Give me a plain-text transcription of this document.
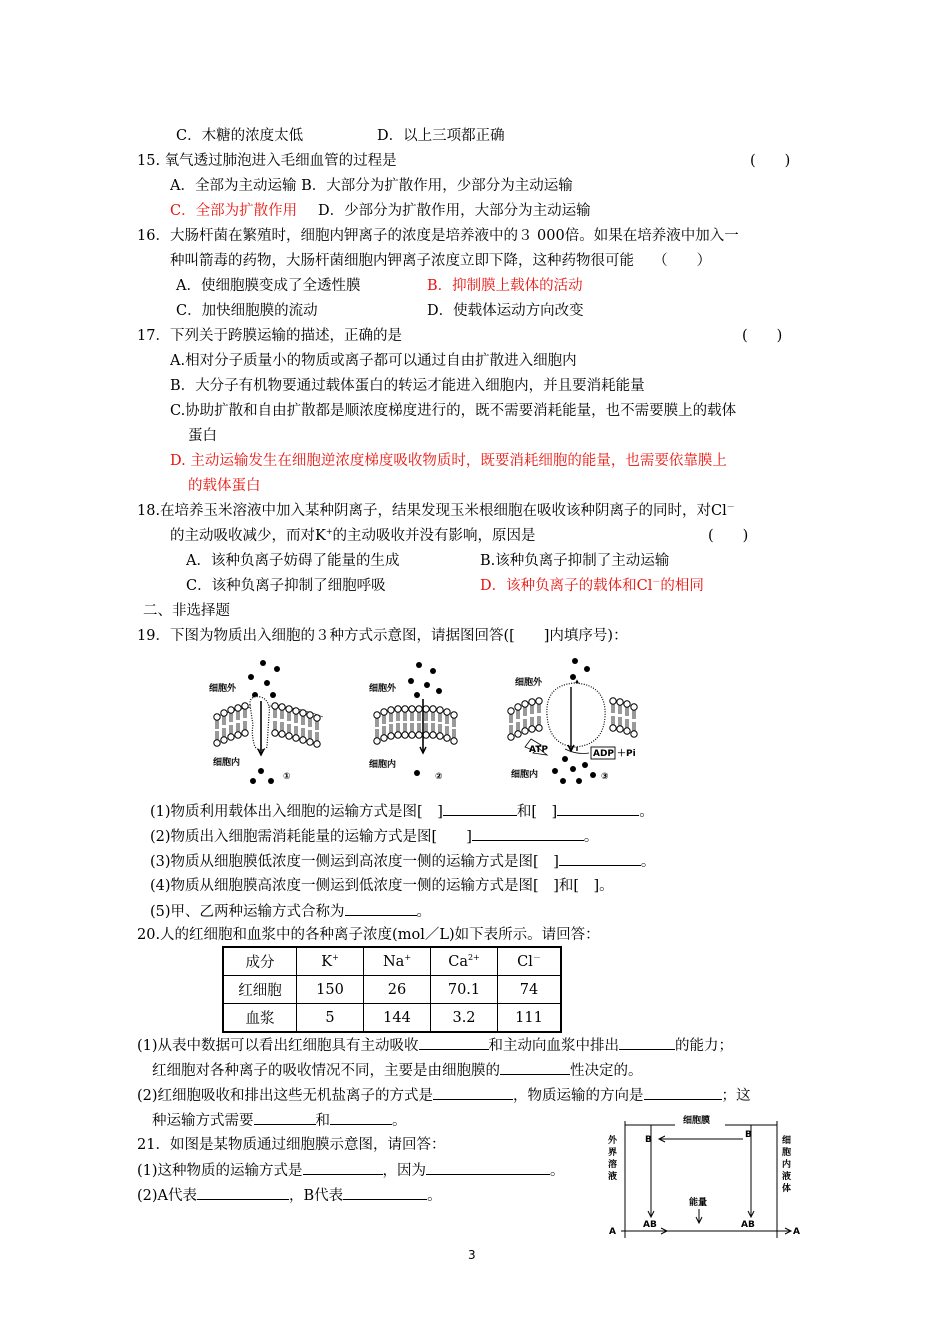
C．木糖的浓度太低	D．以上三项都正确
15. 氧气透过肺泡进入毛细血管的过程是	(　　)
A．全部为主动运输 B．大部分为扩散作用，少部分为主动运输
C．全部为扩散作用 D．少部分为扩散作用，大部分为主动运输
16．大肠杆菌在繁殖时，细胞内钾离子的浓度是培养液中的３ 000倍。如果在培养液中加入一
种叫箭毒的药物，大肠杆菌细胞内钾离子浓度立即下降，这种药物很可能　 （　　）
A．使细胞膜变成了全透性膜	B．抑制膜上载体的活动
C．加快细胞膜的流动	D．使载体运动方向改变
17．下列关于跨膜运输的描述，正确的是	(　　)
A.相对分子质量小的物质或离子都可以通过自由扩散进入细胞内
B．大分子有机物要通过载体蛋白的转运才能进入细胞内，并且要消耗能量
C.协助扩散和自由扩散都是顺浓度梯度进行的，既不需要消耗能量，也不需要膜上的载体
蛋白
D. 主动运输发生在细胞逆浓度梯度吸收物质时，既要消耗细胞的能量，也需要依靠膜上
的载体蛋白
18.在培养玉米溶液中加入某种阴离子，结果发现玉米根细胞在吸收该种阴离子的同时，对Cl－
的主动吸收减少，而对K+的主动吸收并没有影响，原因是	(　　)
A．该种负离子妨碍了能量的生成	B.该种负离子抑制了主动运输
C．该种负离子抑制了细胞呼吸	D．该种负离子的载体和Cl－的相同
二、非选择题
19．下图为物质出入细胞的３种方式示意图，请据图回答([　　]内填序号)：
细胞外
细胞内
①
细胞外
细胞内
②
细胞外
ATP	ADP ＋Pi
细胞内	③
(1)物质利用载体出入细胞的运输方式是图[　]	和[　]	。
(2)物质出入细胞需消耗能量的运输方式是图[　　]	。
(3)物质从细胞膜低浓度一侧运到高浓度一侧的运输方式是图[　]	。
(4)物质从细胞膜高浓度一侧运到低浓度一侧的运输方式是图[　]和[　]。
(5)甲、乙两种运输方式合称为	。
20.人的红细胞和血浆中的各种离子浓度(mol／L)如下表所示。请回答：
成分	K+	Na+	$Ca^{2+}$	Cl－
红细胞	150	26	70.1	74
血浆	5	144	3.2	111
(1)从表中数据可以看出红细胞具有主动吸收	和主动向血浆中排出	的能力；
红细胞对各种离子的吸收情况不同，主要是由细胞膜的	性决定的。
(2)红细胞吸收和排出这些无机盐离子的方式是	，物质运输的方向是	；这
种运输方式需要	和	。
21．如图是某物质通过细胞膜示意图，请回答：
(1)这种物质的运输方式是	，因为	。
(2)A代表	，B代表	。
细胞膜
B	B
外
界
溶
液
细
胞
内
液
体
能量
A	A
AB	AB
3
